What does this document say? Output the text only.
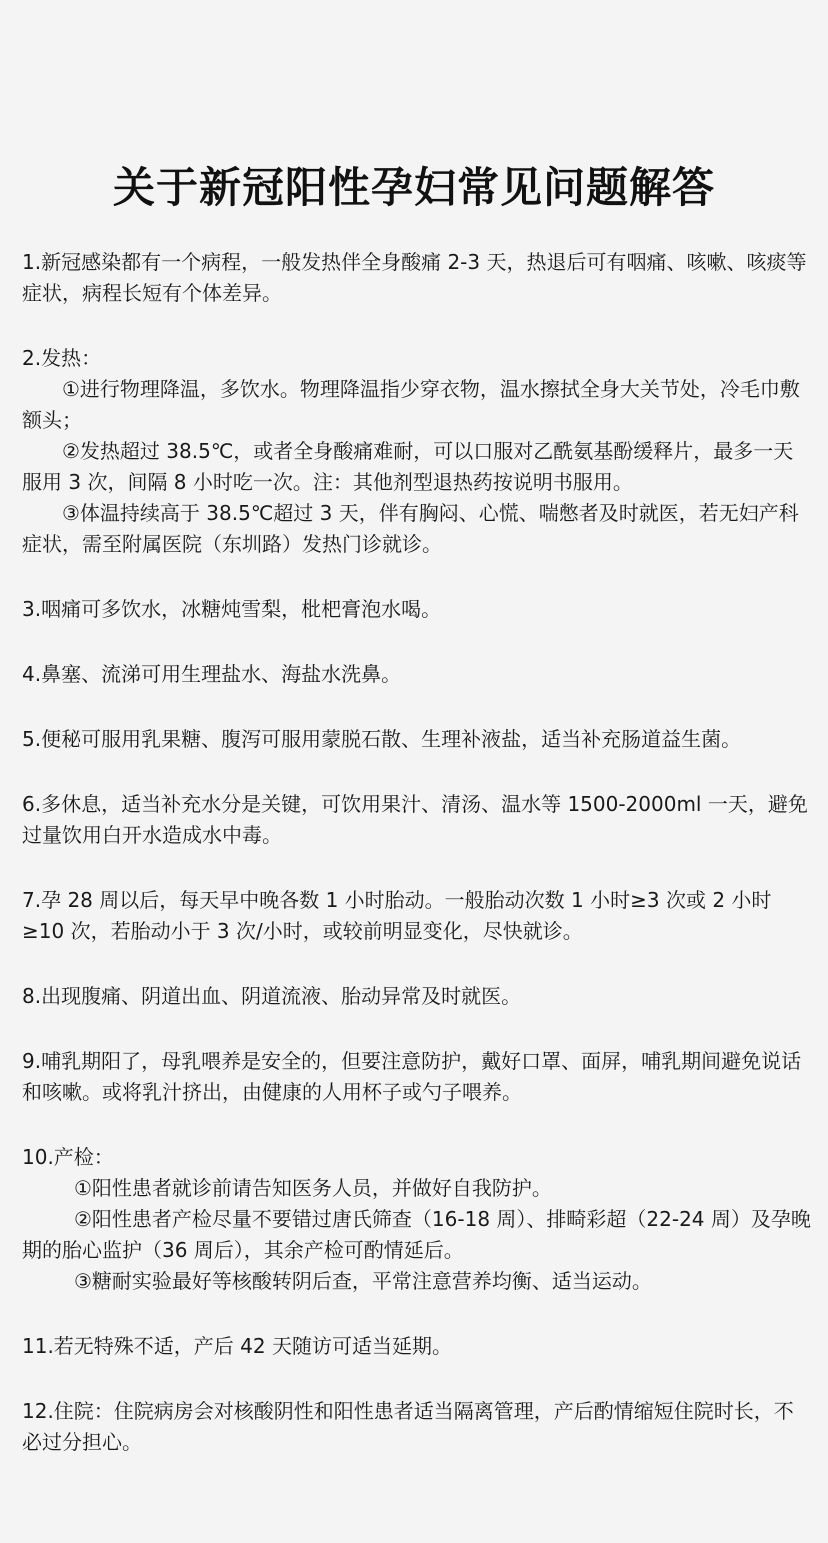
关于新冠阳性孕妇常见问题解答

1.新冠感染都有一个病程，一般发热伴全身酸痛 2-3 天，热退后可有咽痛、咳嗽、咳痰等症状，病程长短有个体差异。

2.发热：

①进行物理降温，多饮水。物理降温指少穿衣物，温水擦拭全身大关节处，冷毛巾敷额头；

②发热超过 38.5℃，或者全身酸痛难耐，可以口服对乙酰氨基酚缓释片，最多一天服用 3 次，间隔 8 小时吃一次。注：其他剂型退热药按说明书服用。

③体温持续高于 38.5℃超过 3 天，伴有胸闷、心慌、喘憋者及时就医，若无妇产科症状，需至附属医院（东圳路）发热门诊就诊。

3.咽痛可多饮水，冰糖炖雪梨，枇杷膏泡水喝。

4.鼻塞、流涕可用生理盐水、海盐水洗鼻。

5.便秘可服用乳果糖、腹泻可服用蒙脱石散、生理补液盐，适当补充肠道益生菌。

6.多休息，适当补充水分是关键，可饮用果汁、清汤、温水等 1500-2000ml 一天，避免过量饮用白开水造成水中毒。

7.孕 28 周以后，每天早中晚各数 1 小时胎动。一般胎动次数 1 小时≥3 次或 2 小时≥10 次，若胎动小于 3 次/小时，或较前明显变化，尽快就诊。

8.出现腹痛、阴道出血、阴道流液、胎动异常及时就医。

9.哺乳期阳了，母乳喂养是安全的，但要注意防护，戴好口罩、面屏，哺乳期间避免说话和咳嗽。或将乳汁挤出，由健康的人用杯子或勺子喂养。

10.产检：

①阳性患者就诊前请告知医务人员，并做好自我防护。

②阳性患者产检尽量不要错过唐氏筛查（16-18 周）、排畸彩超（22-24 周）及孕晚期的胎心监护（36 周后），其余产检可酌情延后。

③糖耐实验最好等核酸转阴后查，平常注意营养均衡、适当运动。

11.若无特殊不适，产后 42 天随访可适当延期。

12.住院：住院病房会对核酸阴性和阳性患者适当隔离管理，产后酌情缩短住院时长，不必过分担心。
